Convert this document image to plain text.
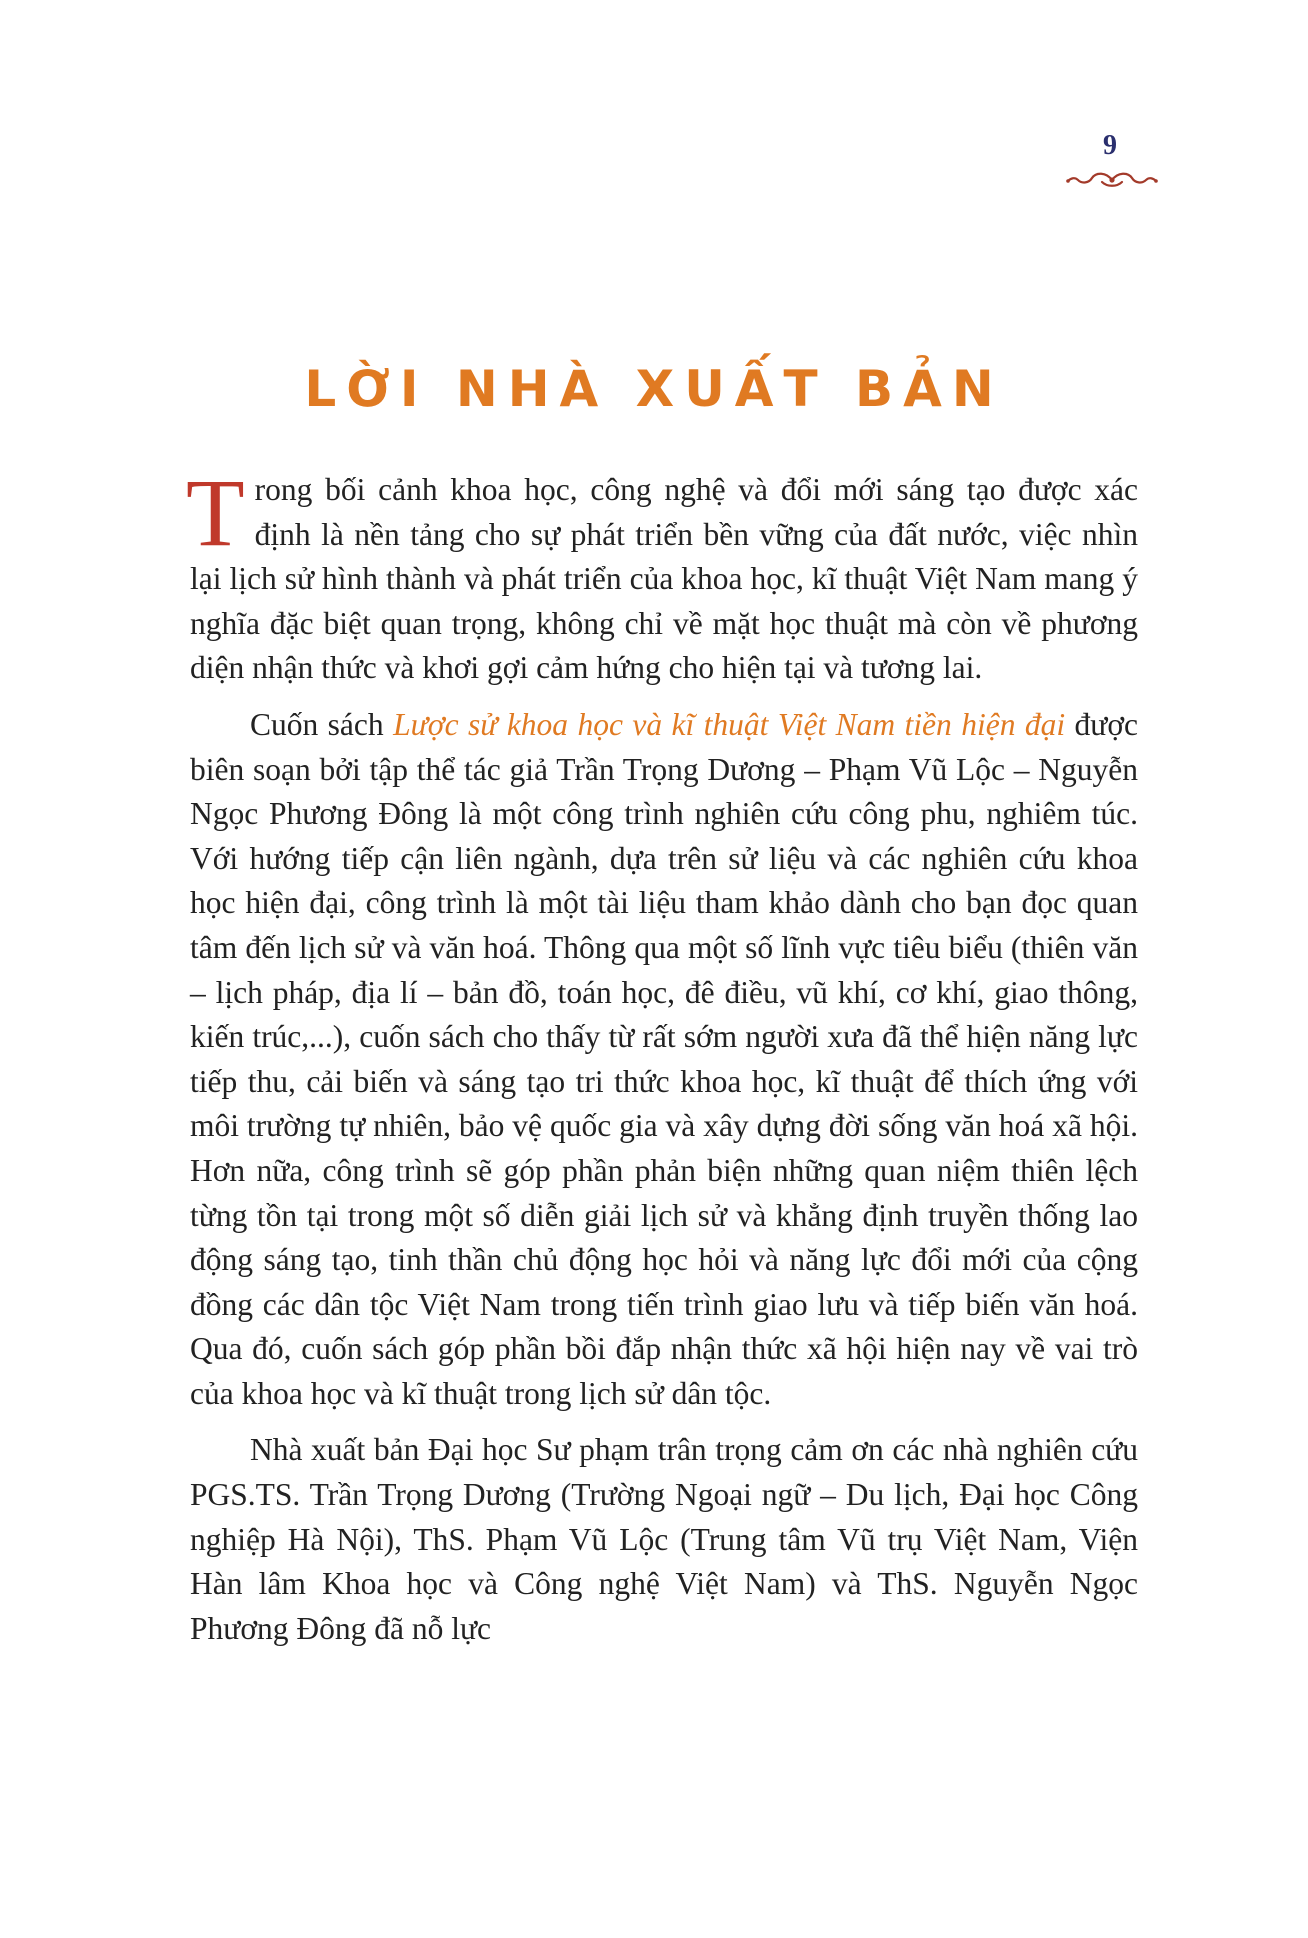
9
LỜI NHÀ XUẤT BẢN

Trong bối cảnh khoa học, công nghệ và đổi mới sáng tạo được xác định là nền tảng cho sự phát triển bền vững của đất nước, việc nhìn lại lịch sử hình thành và phát triển của khoa học, kĩ thuật Việt Nam mang ý nghĩa đặc biệt quan trọng, không chỉ về mặt học thuật mà còn về phương diện nhận thức và khơi gợi cảm hứng cho hiện tại và tương lai.

Cuốn sách Lược sử khoa học và kĩ thuật Việt Nam tiền hiện đại được biên soạn bởi tập thể tác giả Trần Trọng Dương – Phạm Vũ Lộc – Nguyễn Ngọc Phương Đông là một công trình nghiên cứu công phu, nghiêm túc. Với hướng tiếp cận liên ngành, dựa trên sử liệu và các nghiên cứu khoa học hiện đại, công trình là một tài liệu tham khảo dành cho bạn đọc quan tâm đến lịch sử và văn hoá. Thông qua một số lĩnh vực tiêu biểu (thiên văn – lịch pháp, địa lí – bản đồ, toán học, đê điều, vũ khí, cơ khí, giao thông, kiến trúc,...), cuốn sách cho thấy từ rất sớm người xưa đã thể hiện năng lực tiếp thu, cải biến và sáng tạo tri thức khoa học, kĩ thuật để thích ứng với môi trường tự nhiên, bảo vệ quốc gia và xây dựng đời sống văn hoá xã hội. Hơn nữa, công trình sẽ góp phần phản biện những quan niệm thiên lệch từng tồn tại trong một số diễn giải lịch sử và khẳng định truyền thống lao động sáng tạo, tinh thần chủ động học hỏi và năng lực đổi mới của cộng đồng các dân tộc Việt Nam trong tiến trình giao lưu và tiếp biến văn hoá. Qua đó, cuốn sách góp phần bồi đắp nhận thức xã hội hiện nay về vai trò của khoa học và kĩ thuật trong lịch sử dân tộc.

Nhà xuất bản Đại học Sư phạm trân trọng cảm ơn các nhà nghiên cứu PGS.TS. Trần Trọng Dương (Trường Ngoại ngữ – Du lịch, Đại học Công nghiệp Hà Nội), ThS. Phạm Vũ Lộc (Trung tâm Vũ trụ Việt Nam, Viện Hàn lâm Khoa học và Công nghệ Việt Nam) và ThS. Nguyễn Ngọc Phương Đông đã nỗ lực
